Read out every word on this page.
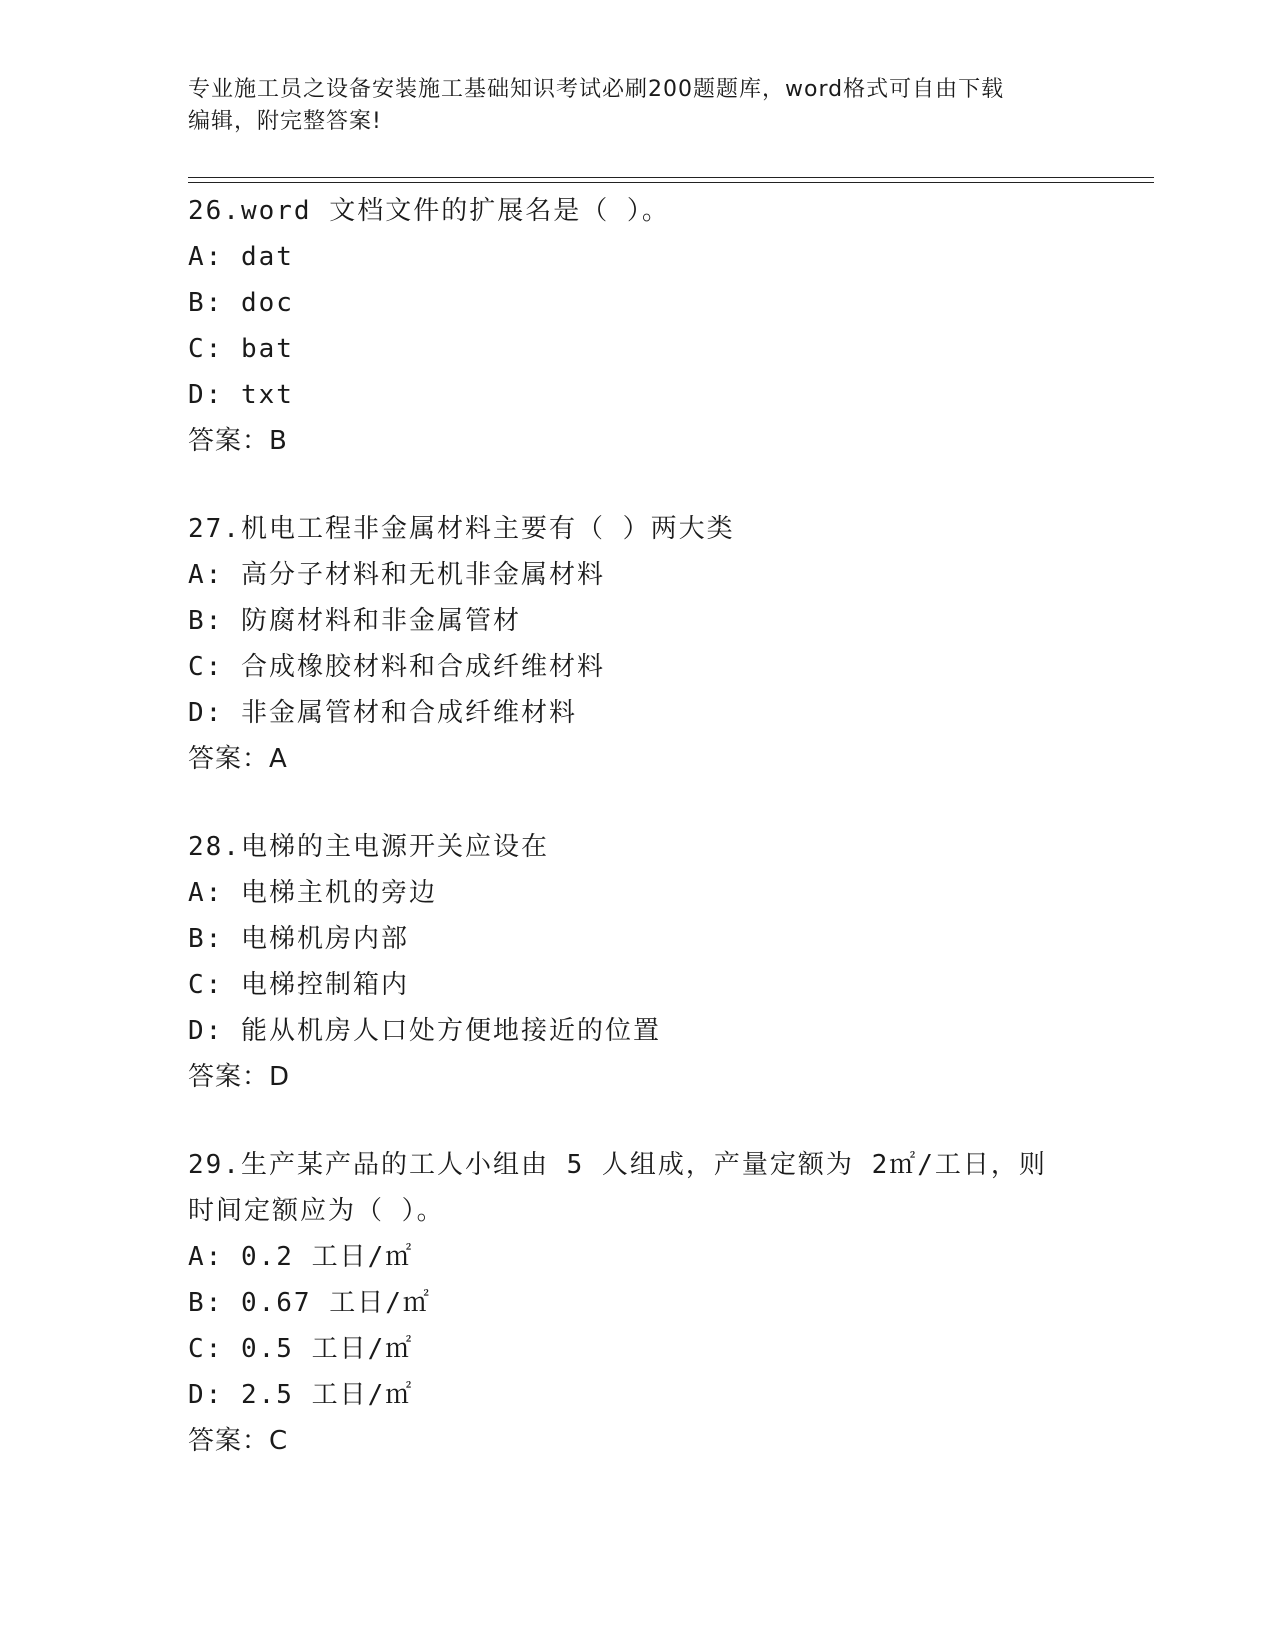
专业施工员之设备安装施工基础知识考试必刷200题题库，word格式可自由下载
编辑，附完整答案!
26.word 文档文件的扩展名是（ ）。
A: dat
B: doc
C: bat
D: txt
答案：B
27.机电工程非金属材料主要有（ ）两大类
A: 高分子材料和无机非金属材料
B: 防腐材料和非金属管材
C: 合成橡胶材料和合成纤维材料
D: 非金属管材和合成纤维材料
答案：A
28.电梯的主电源开关应设在
A: 电梯主机的旁边
B: 电梯机房内部
C: 电梯控制箱内
D: 能从机房人口处方便地接近的位置
答案：D
29.生产某产品的工人小组由 5 人组成，产量定额为 2㎡/工日，则时间定额应为（ ）。
A: 0.2 工日/㎡
B: 0.67 工日/㎡
C: 0.5 工日/㎡
D: 2.5 工日/㎡
答案：C
